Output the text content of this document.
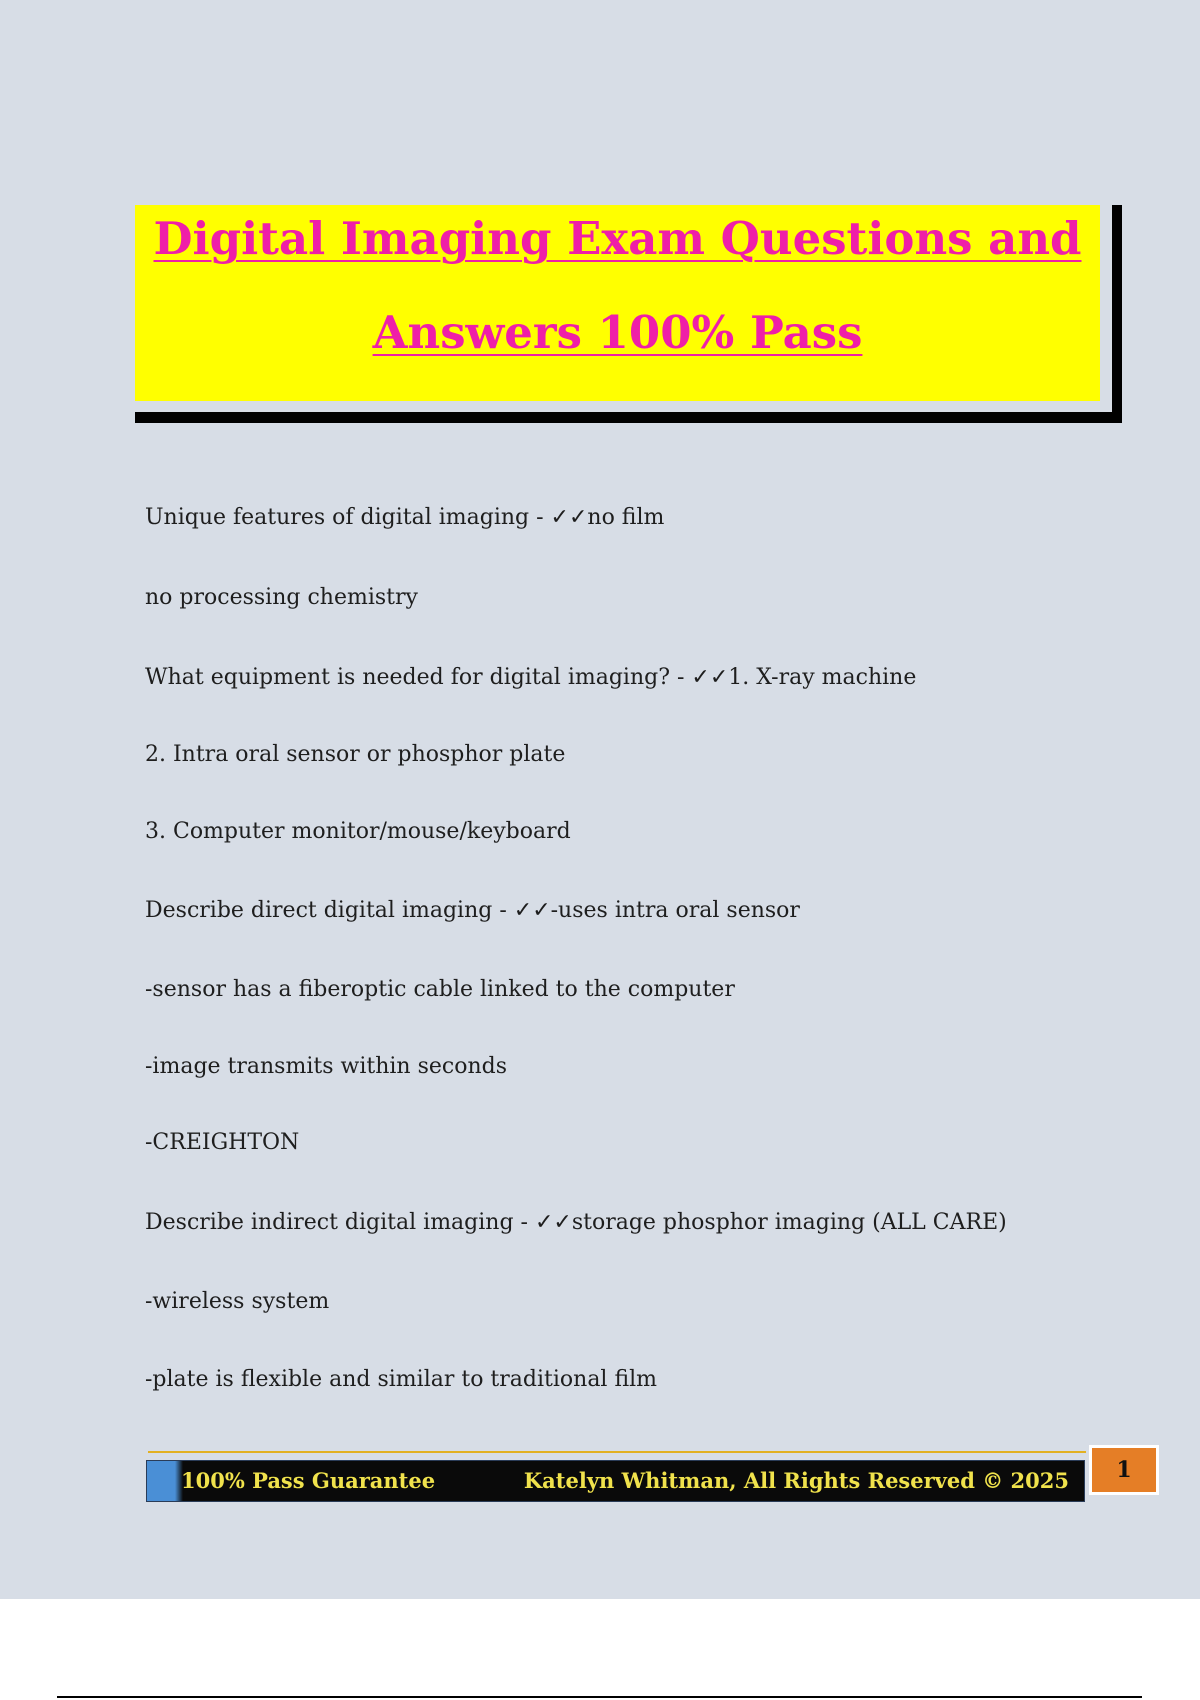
Digital Imaging Exam Questions and
Answers 100% Pass
Unique features of digital imaging - ✓✓no film
no processing chemistry
What equipment is needed for digital imaging? - ✓✓1. X-ray machine
2. Intra oral sensor or phosphor plate
3. Computer monitor/mouse/keyboard
Describe direct digital imaging - ✓✓-uses intra oral sensor
-sensor has a fiberoptic cable linked to the computer
-image transmits within seconds
-CREIGHTON
Describe indirect digital imaging - ✓✓storage phosphor imaging (ALL CARE)
-wireless system
-plate is flexible and similar to traditional film
100% Pass Guarantee	Katelyn Whitman, All Rights Reserved © 2025	1
